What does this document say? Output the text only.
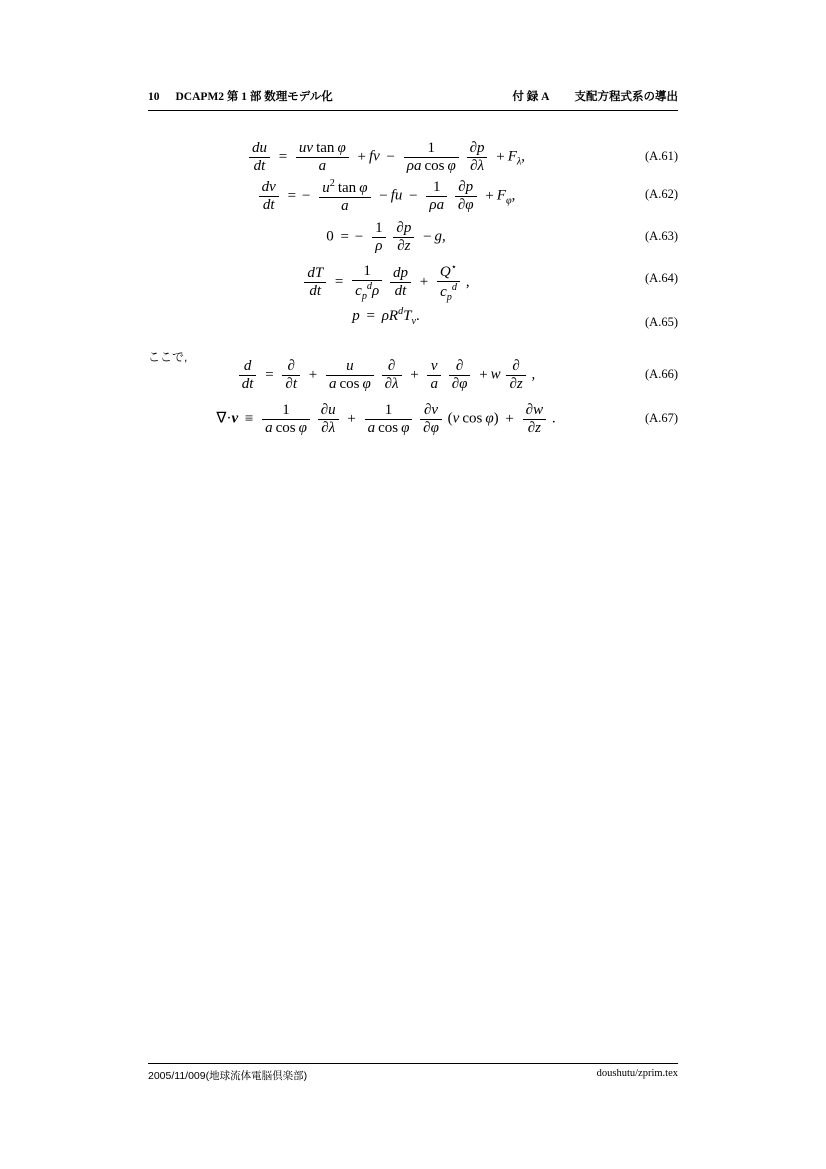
10 DCAPM2 第 1 部 数理モデル化	付 録 A 支配方程式系の導出
$\frac{du}{dt} = \frac{\text{uv  tan  φ}}{a}$ + fv − $\frac{1}{\text{ρa  cos  φ}}$
$\frac{\partial p}{\partial\lambda} + F_\lambda$,	(A.61)
$\frac{dv}{dt}$ = − $\frac{u^2 \tan \varphi}{a}$ − fu − $\frac{1}{\rho a}$
$\frac{\partial p}{\partial\varphi} + F_\varphi$,	(A.62)
0 = − $\frac{1}{\rho}$
$\frac{\partial p}{\partial z} - g$,	(A.63)
$\frac{dT}{dt} = \frac{1}{c_p^d\rho}$
$\frac{dp}{dt} + \frac{Q^⋆}{c_p^d}$ ,	(A.64)
$p = \rho R^dT_v$.	(A.65)
ここで,
$\frac{d}{dt} = \frac{\partial}{\partial t} + \frac{u}{\text{a  cos  φ}}$
$\frac{\partial}{\partial\lambda} + \frac{v}{a}$
$\frac{\partial}{\partial\varphi} + w \frac{\partial}{\partial z}$ ,	(A.66)
$\nabla\cdot v \equiv \frac{1}{\text{a  cos  φ}}$
$\frac{\partial u}{\partial\lambda} + \frac{1}{\text{a  cos  φ}}$
$\frac{\partial v}{\partial\varphi} (v$  $\cos \varphi) + \frac{\partial w}{\partial z}$ .	(A.67)
2005/11/009(地球流体電脳倶楽部)	doushutu/zprim.tex
